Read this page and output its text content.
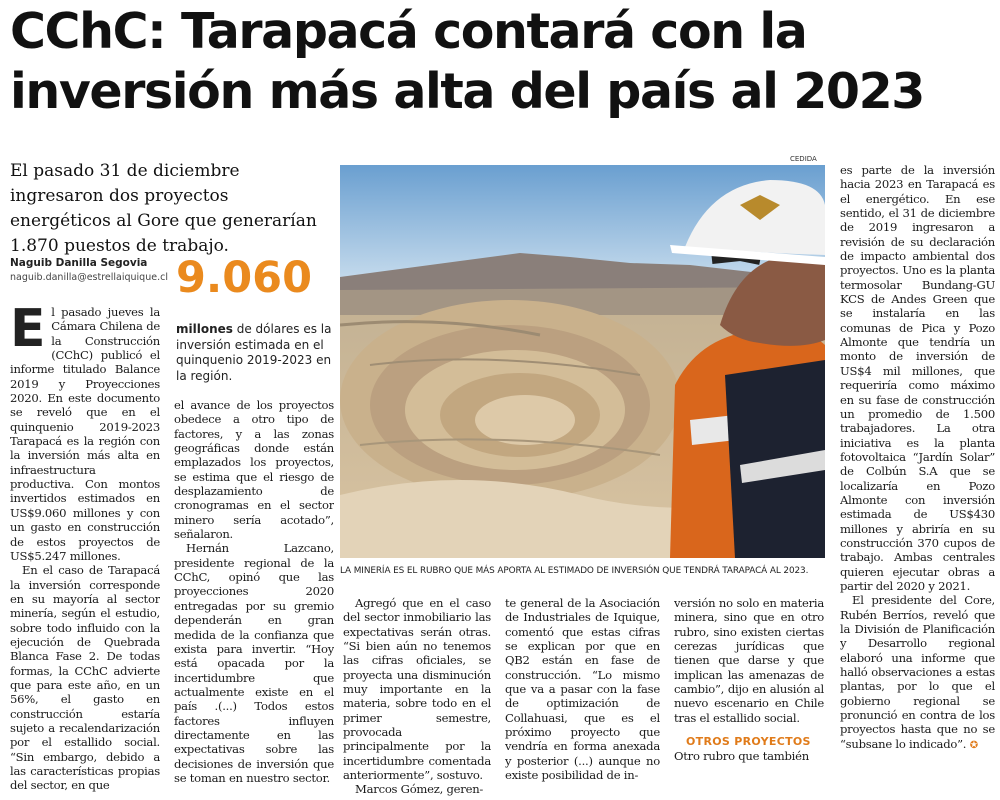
CChC: Tarapacá contará con la inversión más alta del país al 2023
El pasado 31 de diciembre ingresaron dos proyectos energéticos al Gore que generarían 1.870 puestos de trabajo.
Naguib Danilla Segovia
naguib.danilla@estrellaiquique.cl 9.060
millones de dólares es la inversión estimada en el quinquenio 2019-2023 en la región.

El pasado jueves la Cámara Chilena de la Construcción (CChC) publicó el informe titulado Balance 2019 y Proyecciones 2020. En este documento se reveló que en el quinquenio 2019-2023 Tarapacá es la región con la inversión más alta en infraestructura productiva. Con montos invertidos estimados en US$9.060 millones y con un gasto en construcción de estos proyectos de US$5.247 millones.

En el caso de Tarapacá la inversión corresponde en su mayoría al sector minería, según el estudio, sobre todo influido con la ejecución de Quebrada Blanca Fase 2. De todas formas, la CChC advierte que para este año, en un 56%, el gasto en construcción estaría sujeto a recalendarización por el estallido social. “Sin embargo, debido a las características propias del sector, en que

el avance de los proyectos obedece a otro tipo de factores, y a las zonas geográficas donde están emplazados los proyectos, se estima que el riesgo de desplazamiento de cronogramas en el sector minero sería acotado”, señalaron.

Hernán Lazcano, presidente regional de la CChC, opinó que las proyecciones 2020 entregadas por su gremio dependerán en gran medida de la confianza que exista para invertir. “Hoy está opacada por la incertidumbre que actualmente existe en el país .(...) Todos estos factores influyen directamente en las expectativas sobre las decisiones de inversión que se toman en nuestro sector.

CEDIDA
LA MINERÍA ES EL RUBRO QUE MÁS APORTA AL ESTIMADO DE INVERSIÓN QUE TENDRÁ TARAPACÁ AL 2023.

Agregó que en el caso del sector inmobiliario las expectativas serán otras. “Si bien aún no tenemos las cifras oficiales, se proyecta una disminución muy importante en la materia, sobre todo en el primer semestre, provocada principalmente por la incertidumbre comentada anteriormente”, sostuvo.

Marcos Gómez, geren-

te general de la Asociación de Industriales de Iquique, comentó que estas cifras se explican por que en QB2 están en fase de construcción. “Lo mismo que va a pasar con la fase de optimización de Collahuasi, que es el próximo proyecto que vendría en forma anexada y posterior (...) aunque no existe posibilidad de in-

versión no solo en materia minera, sino que en otro rubro, sino existen ciertas cerezas jurídicas que tienen que darse y que implican las amenazas de cambio”, dijo en alusión al nuevo escenario en Chile tras el estallido social.

OTROS PROYECTOS

Otro rubro que también

es parte de la inversión hacia 2023 en Tarapacá es el energético. En ese sentido, el 31 de diciembre de 2019 ingresaron a revisión de su declaración de impacto ambiental dos proyectos. Uno es la planta termosolar Bundang-GU KCS de Andes Green que se instalaría en las comunas de Pica y Pozo Almonte que tendría un monto de inversión de US$4 mil millones, que requeriría como máximo en su fase de construcción un promedio de 1.500 trabajadores. La otra iniciativa es la planta fotovoltaica “Jardín Solar” de Colbún S.A que se localizaría en Pozo Almonte con inversión estimada de US$430 millones y abriría en su construcción 370 cupos de trabajo. Ambas centrales quieren ejecutar obras a partir del 2020 y 2021.

El presidente del Core, Rubén Berríos, reveló que la División de Planificación y Desarrollo regional elaboró una informe que halló observaciones a estas plantas, por lo que el gobierno regional se pronunció en contra de los proyectos hasta que no se “subsane lo indicado”. ✪
